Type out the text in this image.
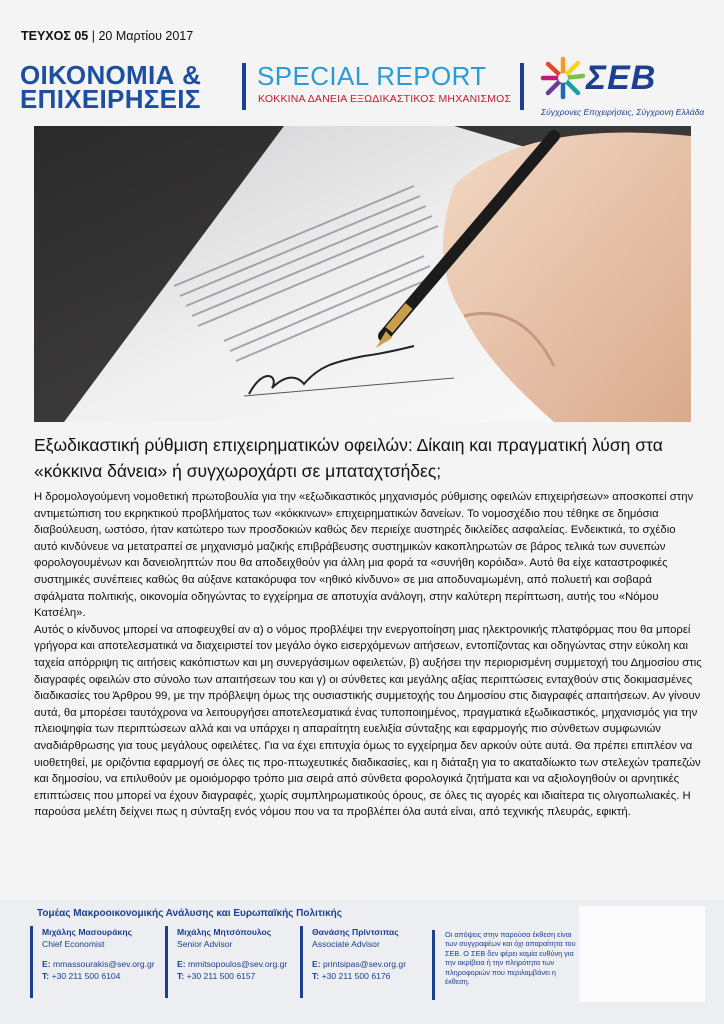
ΤΕΥΧΟΣ 05 | 20 Μαρτίου 2017
ΟΙΚΟΝΟΜΙΑ &
ΕΠΙΧΕΙΡΗΣΕΙΣ
SPECIAL REPORT
ΚΟΚΚΙΝΑ ΔΑΝΕΙΑ ΕΞΩΔΙΚΑΣΤΙΚΟΣ ΜΗΧΑΝΙΣΜΟΣ
ΣΕΒ
Σύγχρονες Επιχειρήσεις, Σύγχρονη Ελλάδα
Εξωδικαστική ρύθμιση επιχειρηματικών οφειλών: Δίκαιη και πραγματική λύση στα «κόκκινα δάνεια» ή συγχωροχάρτι σε μπαταχτσήδες;

Η δρομολογούμενη νομοθετική πρωτοβουλία για την «εξωδικαστικός μηχανισμός ρύθμισης οφειλών επιχειρήσεων» αποσκοπεί στην αντιμετώπιση του εκρηκτικού προβλήματος των «κόκκινων» επιχειρηματικών δανείων. Το νομοσχέδιο που τέθηκε σε δημόσια διαβούλευση, ωστόσο, ήταν κατώτερο των προσδοκιών καθώς δεν περιείχε αυστηρές δικλείδες ασφαλείας. Ενδεικτικά, το σχέδιο αυτό κινδύνευε να μετατραπεί σε μηχανισμό μαζικής επιβράβευσης συστημικών κακοπληρωτών σε βάρος τελικά των συνεπών φορολογουμένων και δανειοληπτών που θα αποδειχθούν για άλλη μια φορά τα «συνήθη κορόιδα». Αυτό θα είχε καταστροφικές συστημικές συνέπειες καθώς θα αύξανε κατακόρυφα τον «ηθικό κίνδυνο» σε μια αποδυναμωμένη, από πολυετή και σοβαρά σφάλματα πολιτικής, οικονομία οδηγώντας το εγχείρημα σε αποτυχία ανάλογη, στην καλύτερη περίπτωση, αυτής του «Νόμου Κατσέλη».

Αυτός ο κίνδυνος μπορεί να αποφευχθεί αν α) ο νόμος προβλέψει την ενεργοποίηση μιας ηλεκτρονικής πλατφόρμας που θα μπορεί γρήγορα και αποτελεσματικά να διαχειριστεί τον μεγάλο όγκο εισερχόμενων αιτήσεων, εντοπίζοντας και οδηγώντας στην εύκολη και ταχεία απόρριψη τις αιτήσεις κακόπιστων και μη συνεργάσιμων οφειλετών, β) αυξήσει την περιορισμένη συμμετοχή του Δημοσίου στις διαγραφές οφειλών στο σύνολο των απαιτήσεων του και γ) οι σύνθετες και μεγάλης αξίας περιπτώσεις ενταχθούν στις δοκιμασμένες διαδικασίες του Άρθρου 99, με την πρόβλεψη όμως της ουσιαστικής συμμετοχής του Δημοσίου στις διαγραφές απαιτήσεων. Αν γίνουν αυτά, θα μπορέσει ταυτόχρονα να λειτουργήσει αποτελεσματικά ένας τυποποιημένος, πραγματικά εξωδικαστικός, μηχανισμός για την πλειοψηφία των περιπτώσεων αλλά και να υπάρχει η απαραίτητη ευελιξία σύνταξης και εφαρμογής πιο σύνθετων συμφωνιών αναδιάρθρωσης για τους μεγάλους οφειλέτες. Για να έχει επιτυχία όμως το εγχείρημα δεν αρκούν ούτε αυτά. Θα πρέπει επιπλέον να υιοθετηθεί, με οριζόντια εφαρμογή σε όλες τις προ-πτωχευτικές διαδικασίες, και η διάταξη για το ακαταδίωκτο των στελεχών τραπεζών και δημοσίου, να επιλυθούν με ομοιόμορφο τρόπο μια σειρά από σύνθετα φορολογικά ζητήματα και να αξιολογηθούν οι αρνητικές επιπτώσεις που μπορεί να έχουν διαγραφές, χωρίς συμπληρωματικούς όρους, σε όλες τις αγορές και ιδιαίτερα τις ολιγοπωλιακές. Η παρούσα μελέτη δείχνει πως η σύνταξη ενός νόμου που να τα προβλέπει όλα αυτά είναι, από τεχνικής πλευράς, εφικτή.

Τομέας Μακροοικονομικής Ανάλυσης και Ευρωπαϊκής Πολιτικής
Μιχάλης Μασουράκης
Chief Economist
E: mmassourakis@sev.org.gr
T: +30 211 500 6104
Μιχάλης Μητσόπουλος
Senior Advisor
E: mmitsopoulos@sev.org.gr
T: +30 211 500 6157
Θανάσης Πρίντσιπας
Associate Advisor
E: printsipas@sev.org.gr
T: +30 211 500 6176
Οι απόψεις στην παρούσα έκθεση είναι των συγγραφέων και όχι απαραίτητα του ΣΕΒ. Ο ΣΕΒ δεν φέρει καμία ευθύνη για την ακρίβεια ή την πληρότητα των πληροφοριών που περιλαμβάνει η έκθεση.
